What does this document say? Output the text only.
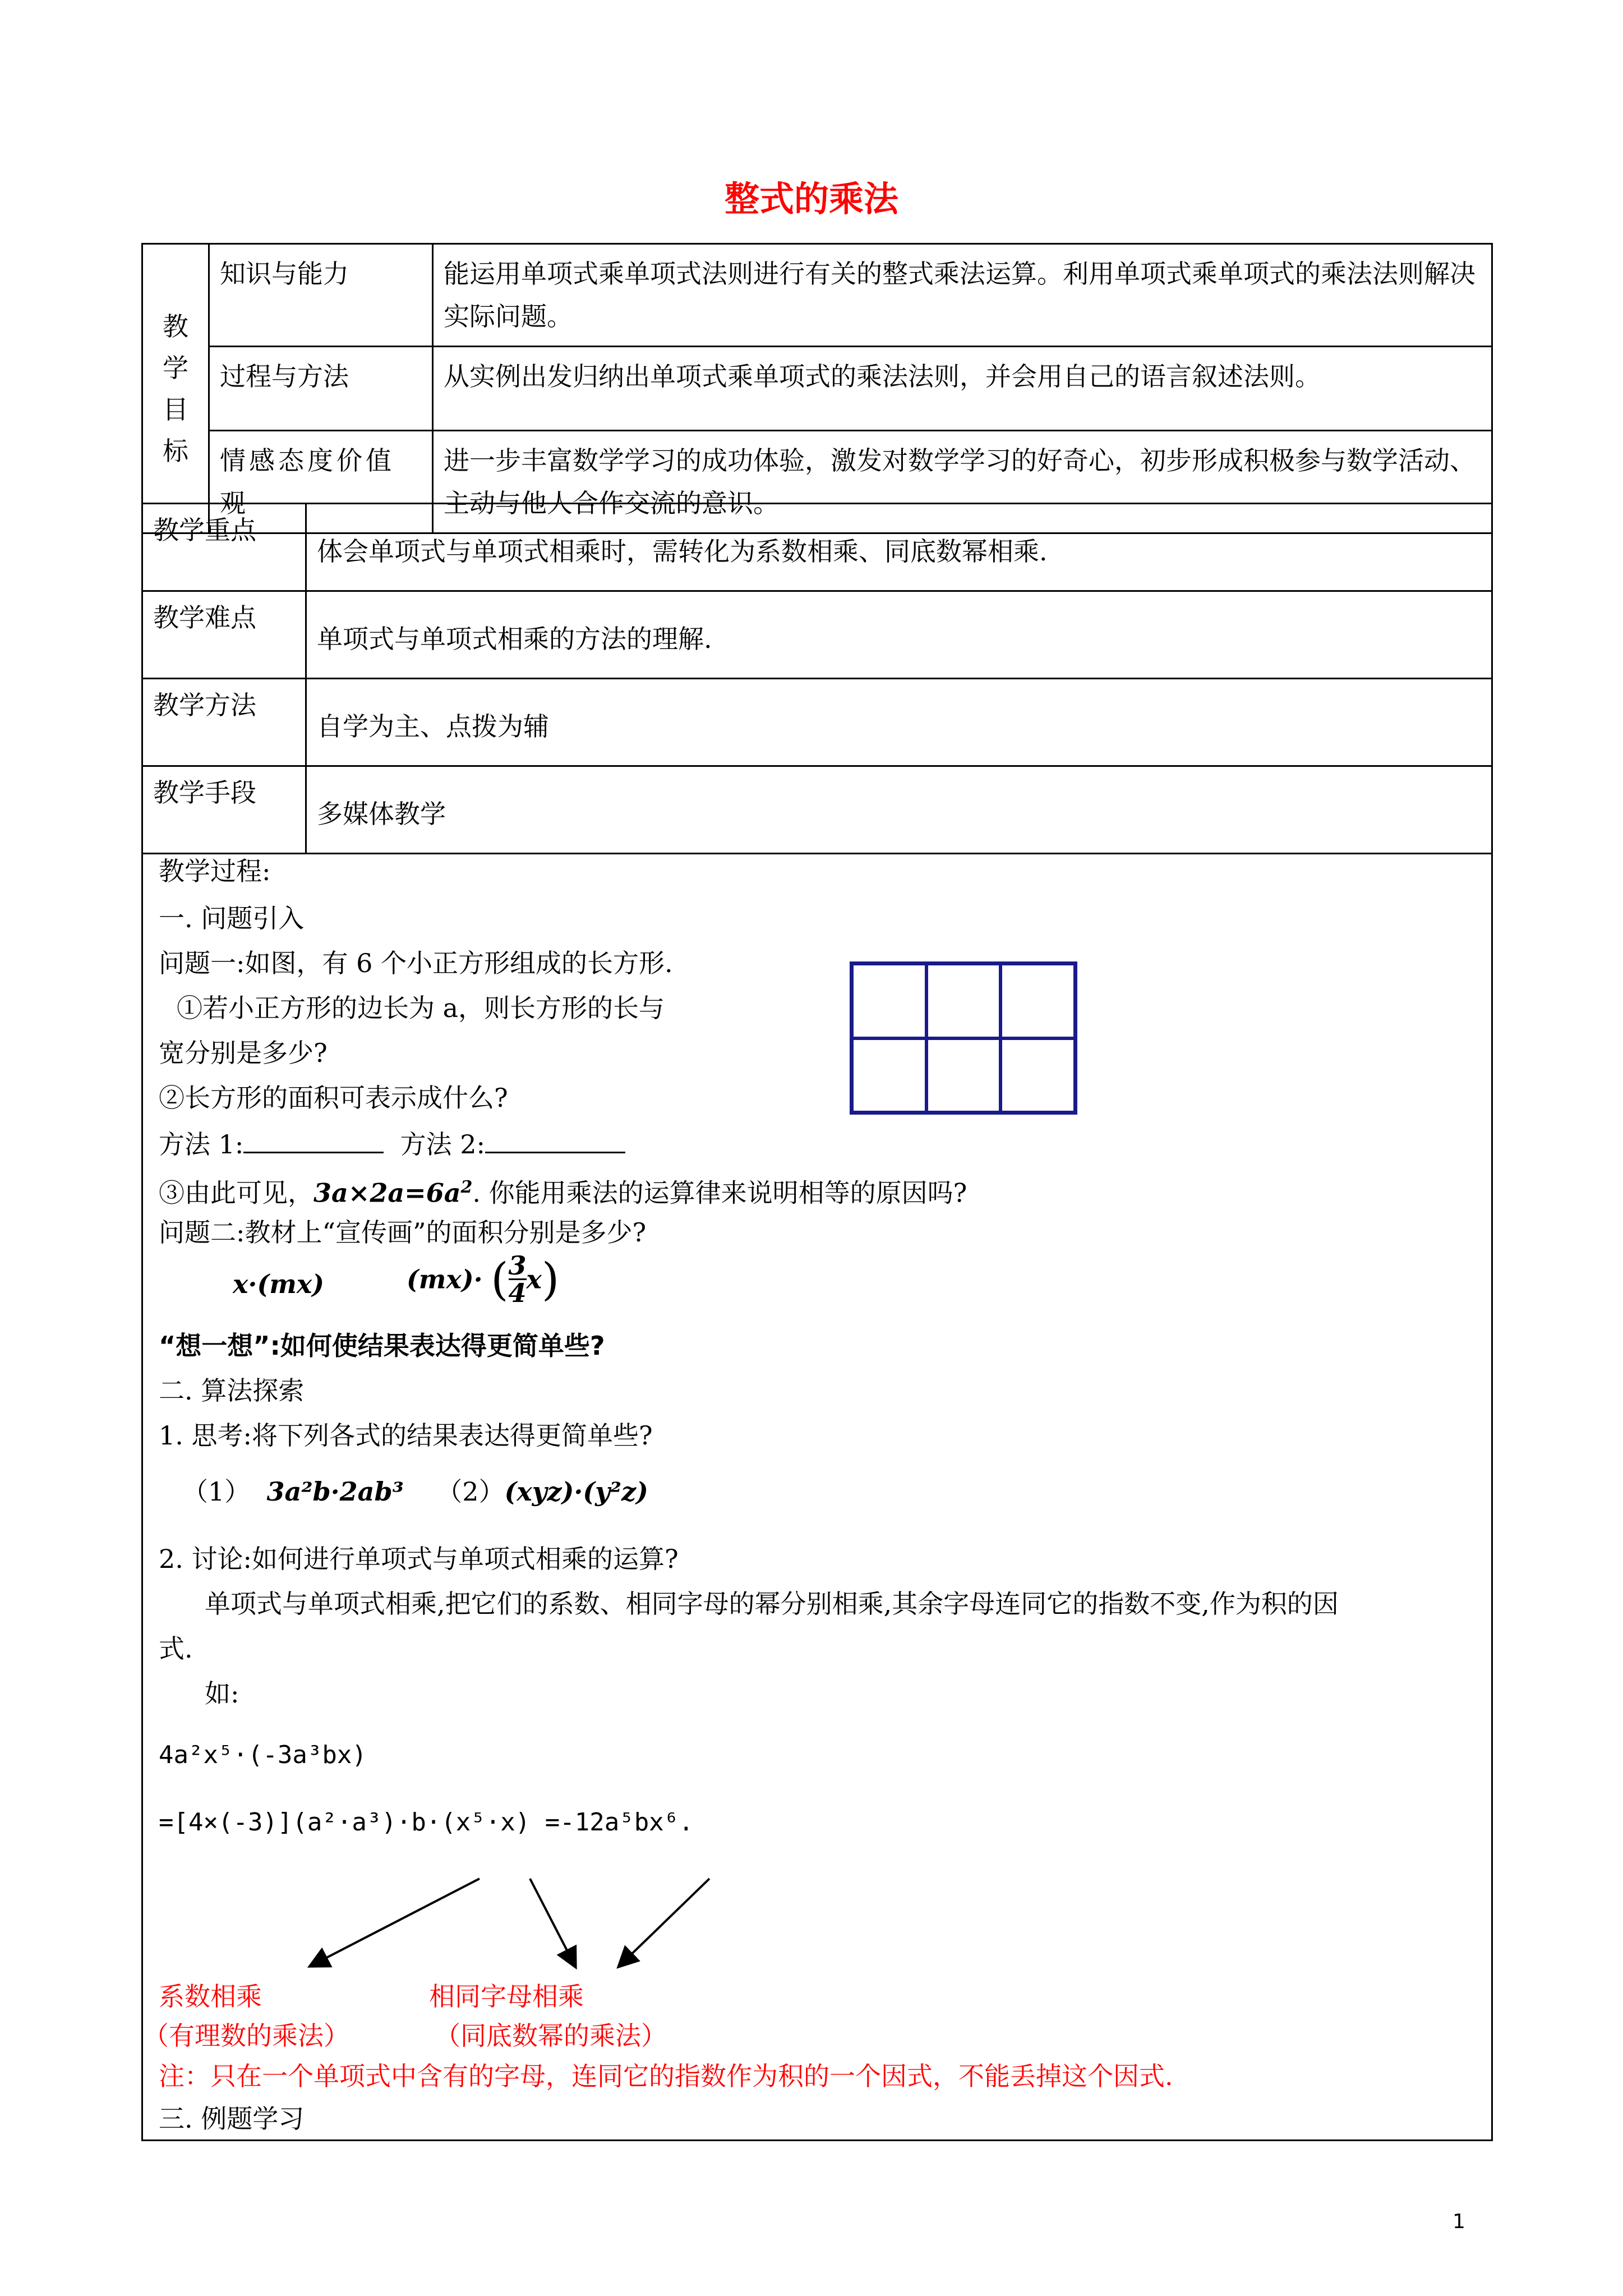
整式的乘法
教
学
目
标	知识与能力	能运用单项式乘单项式法则进行有关的整式乘法运算。利用单项式乘单项式的乘法法则解决实际问题。
	过程与方法	从实例出发归纳出单项式乘单项式的乘法法则，并会用自己的语言叙述法则。
	情感态度价值观	进一步丰富数学学习的成功体验，激发对数学学习的好奇心，初步形成积极参与数学活动、主动与他人合作交流的意识。
教学重点	体会单项式与单项式相乘时，需转化为系数相乘、同底数幂相乘.
教学难点	单项式与单项式相乘的方法的理解.
教学方法	自学为主、点拨为辅
教学手段	多媒体教学
教学过程:
一. 问题引入
问题一:如图，有 6 个小正方形组成的长方形.
①若小正方形的边长为 a，则长方形的长与
宽分别是多少?
②长方形的面积可表示成什么?
方法 1:	方法 2:
③由此可见，$3a\times 2a=6a^2$. 你能用乘法的运算律来说明相等的原因吗?
问题二:教材上“宣传画”的面积分别是多少?
x·(mx)	(mx)· ( $\frac{3}{4} x$)
“想一想”:如何使结果表达得更简单些?
二. 算法探索
1. 思考:将下列各式的结果表达得更简单些?
（1） 3a²b·2ab³ （2）(xyz)·(y²z)
2. 讨论:如何进行单项式与单项式相乘的运算?
单项式与单项式相乘,把它们的系数、相同字母的幂分别相乘,其余字母连同它的指数不变,作为积的因
式.
如:
4a²x⁵·(-3a³bx)
=[4×(-3)](a²·a³)·b·(x⁵·x) =-12a⁵bx⁶.
系数相乘	相同字母相乘
（有理数的乘法）	（同底数幂的乘法）
注：只在一个单项式中含有的字母，连同它的指数作为积的一个因式，不能丢掉这个因式.
三. 例题学习
1
